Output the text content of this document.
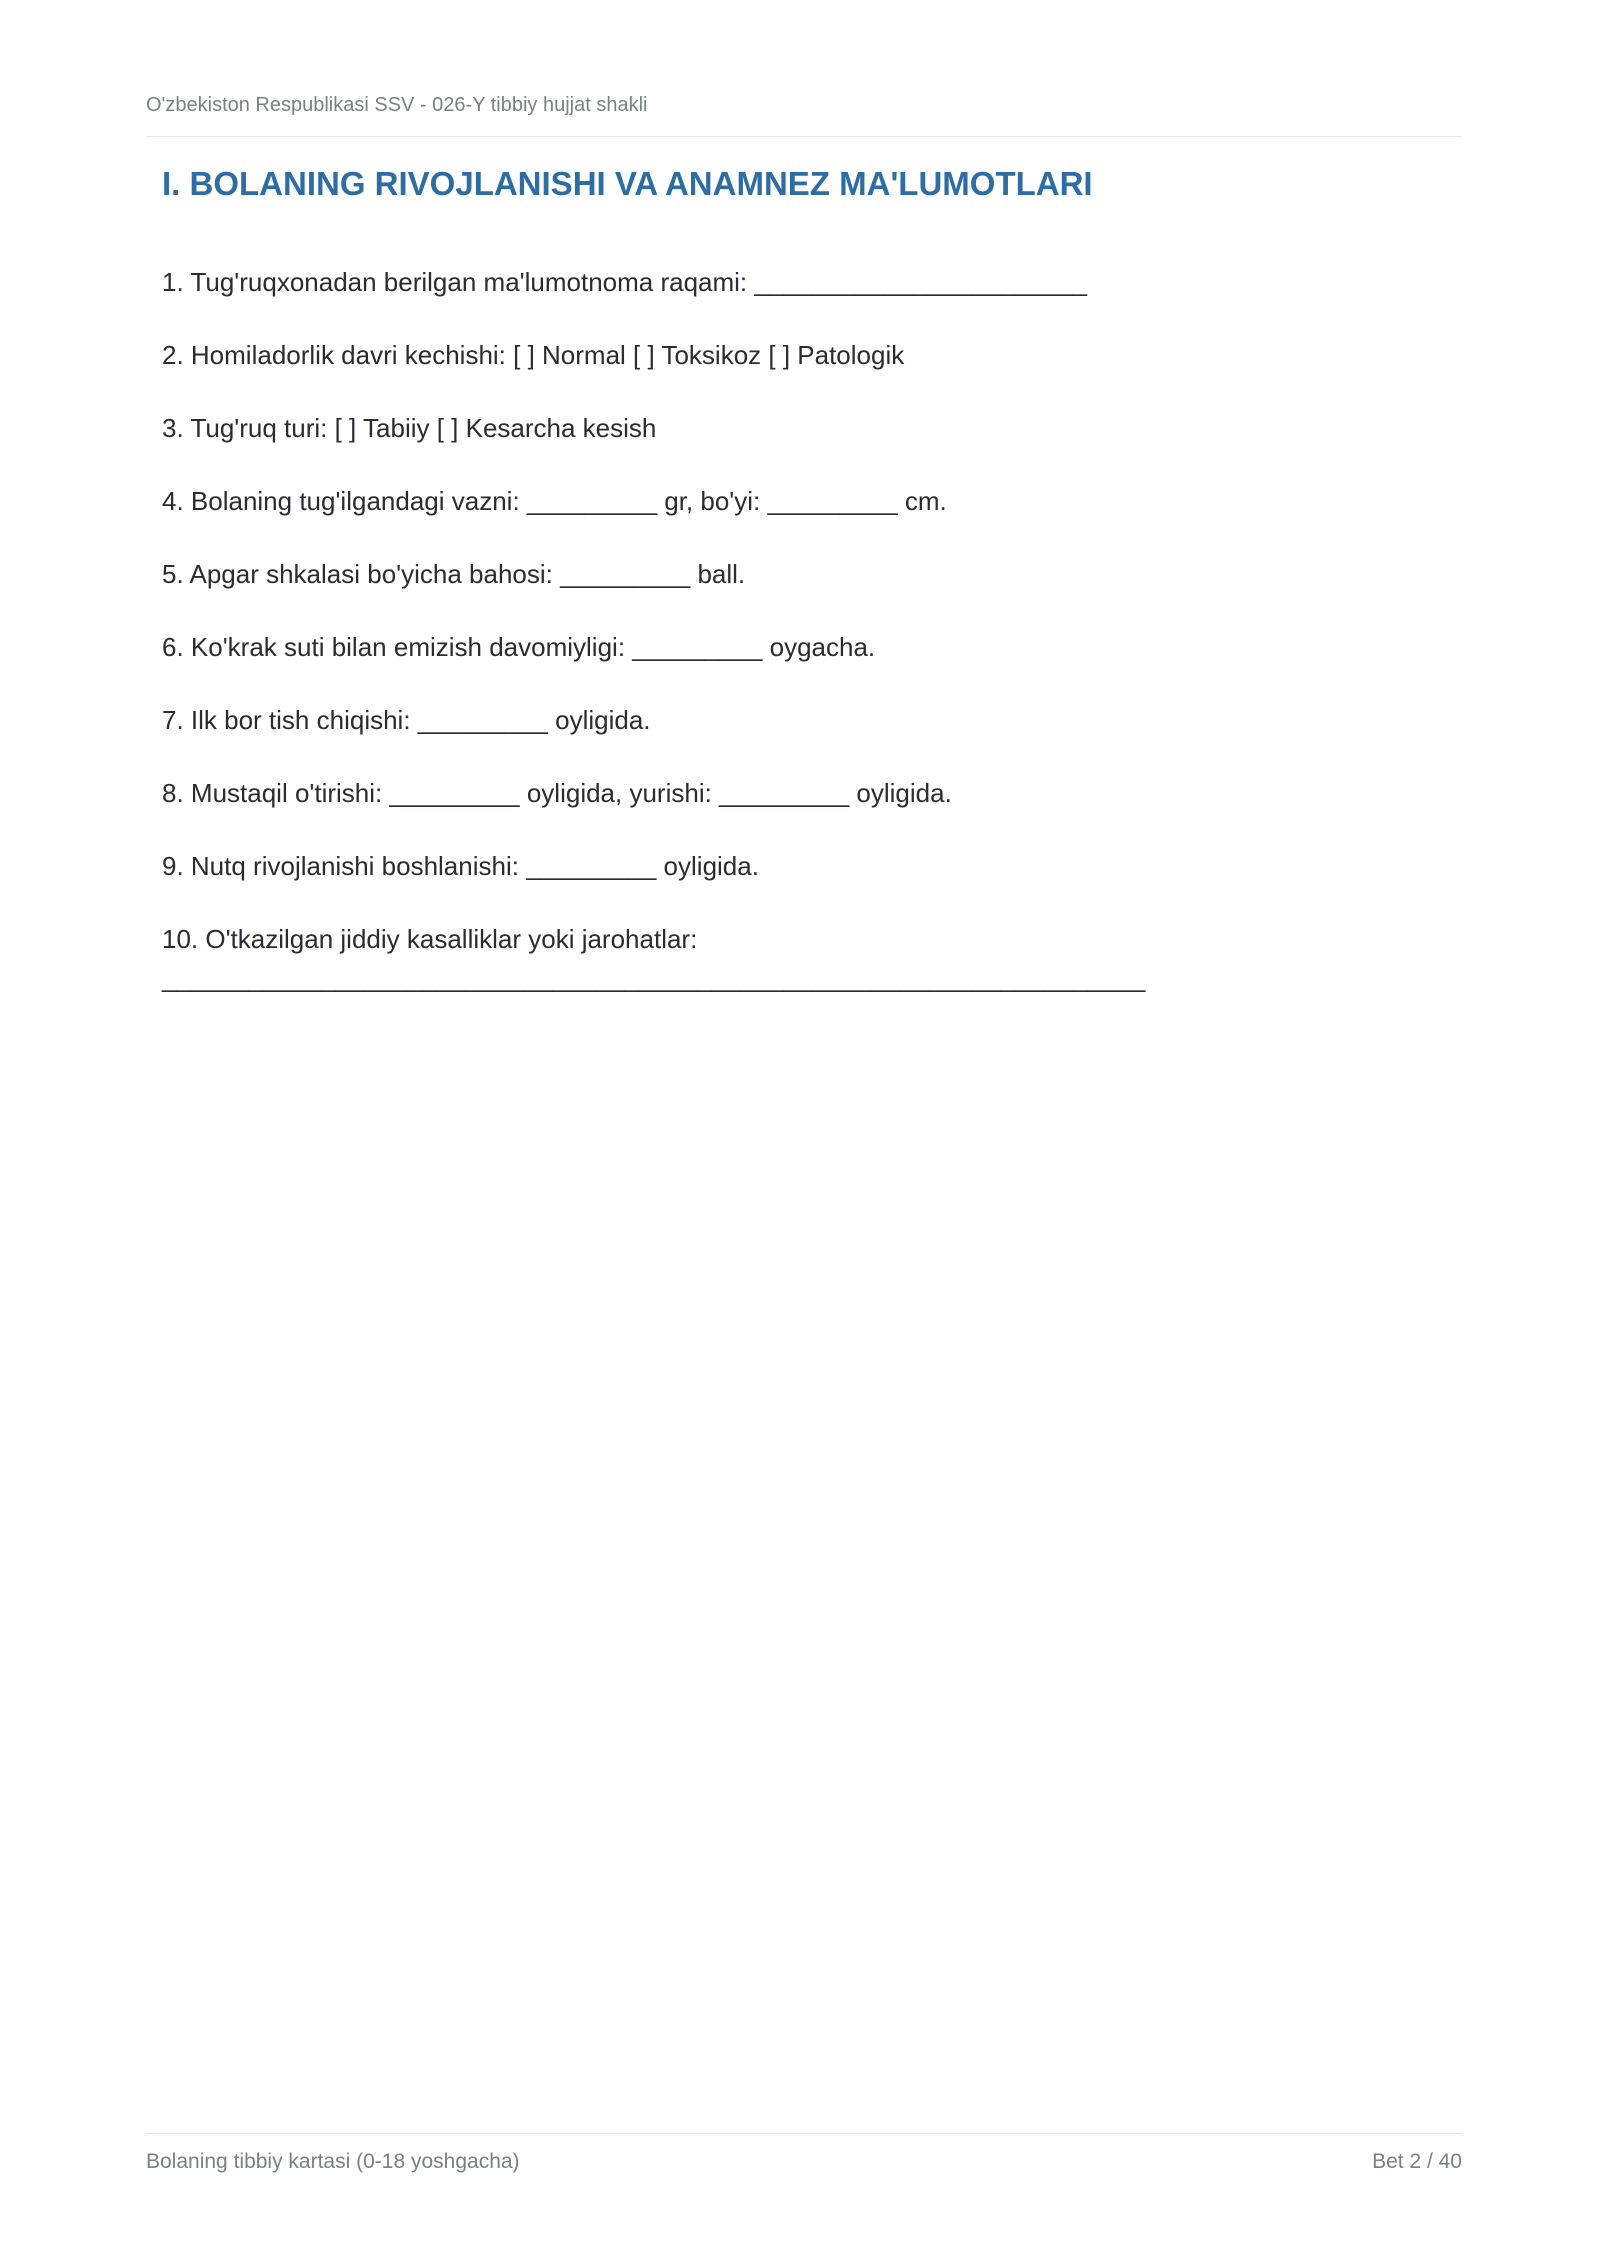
O'zbekiston Respublikasi SSV - 026-Y tibbiy hujjat shakli
I. BOLANING RIVOJLANISHI VA ANAMNEZ MA'LUMOTLARI
1. Tug'ruqxonadan berilgan ma'lumotnoma raqami: _______________________
2. Homiladorlik davri kechishi: [ ] Normal [ ] Toksikoz [ ] Patologik
3. Tug'ruq turi: [ ] Tabiiy [ ] Kesarcha kesish
4. Bolaning tug'ilgandagi vazni: _________ gr, bo'yi: _________ cm.
5. Apgar shkalasi bo'yicha bahosi: _________ ball.
6. Ko'krak suti bilan emizish davomiyligi: _________ oygacha.
7. Ilk bor tish chiqishi: _________ oyligida.
8. Mustaqil o'tirishi: _________ oyligida, yurishi: _________ oyligida.
9. Nutq rivojlanishi boshlanishi: _________ oyligida.
10. O'tkazilgan jiddiy kasalliklar yoki jarohatlar:
____________________________________________________________________
Bolaning tibbiy kartasi (0-18 yoshgacha)	Bet 2 / 40
